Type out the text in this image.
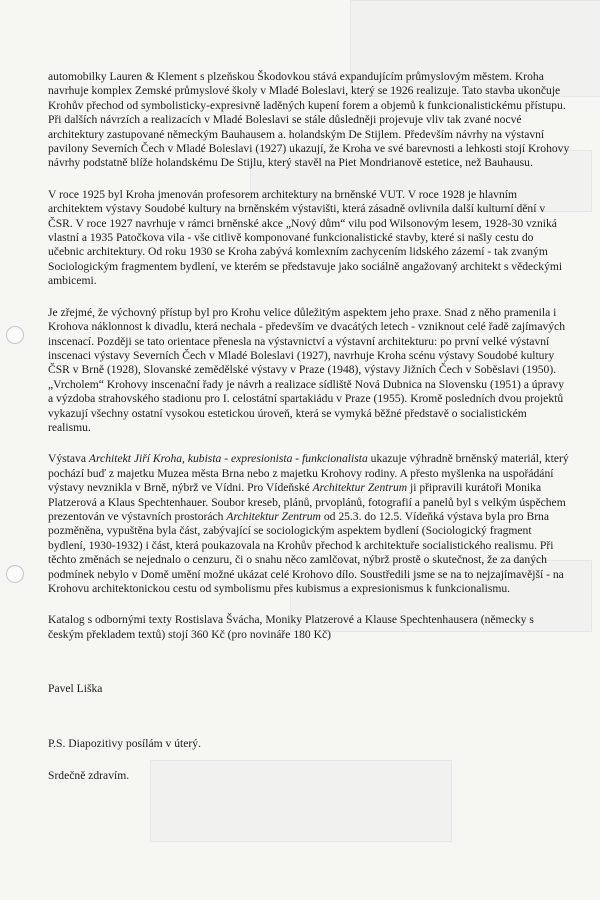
automobilky Lauren & Klement s plzeňskou Škodovkou stává expandujícím průmyslovým městem. Kroha navrhuje komplex Zemské průmyslové školy v Mladé Boleslavi, který se 1926 realizuje. Tato stavba ukončuje Krohův přechod od symbolisticky-expresivně laděných kupení forem a objemů k funkcionalistickému přístupu. Při dalších návrzích a realizacích v Mladé Boleslavi se stále důsledněji projevuje vliv tak zvané nocvé architektury zastupované německým Bauhausem a. holandským De Stijlem. Především návrhy na výstavní pavilony Severních Čech v Mladé Boleslavi (1927) ukazují, že Kroha ve své barevnosti a lehkosti stojí Krohovy návrhy podstatně blíže holandskému De Stijlu, který stavěl na Piet Mondrianově estetice, než Bauhausu.

V roce 1925 byl Kroha jmenován profesorem architektury na brněnské VUT. V roce 1928 je hlavním architektem výstavy Soudobé kultury na brněnském výstavišti, která zásadně ovlivnila další kulturní dění v ČSR. V roce 1927 navrhuje v rámci brněnské akce „Nový dům“ vilu pod Wilsonovým lesem, 1928-30 vzniká vlastní a 1935 Patočkova vila - vše citlivě komponované funkcionalistické stavby, které si našly cestu do učebnic architektury. Od roku 1930 se Kroha zabývá komlexním zachycením lidského zázemí - tak zvaným Sociologickým fragmentem bydlení, ve kterém se představuje jako sociálně angažovaný architekt s vědeckými ambicemi.

Je zřejmé, že výchovný přístup byl pro Krohu velice důležitým aspektem jeho praxe. Snad z něho pramenila i Krohova náklonnost k divadlu, která nechala - především ve dvacátých letech - vzniknout celé řadě zajímavých inscenací. Později se tato orientace přenesla na výstavnictví a výstavní architekturu: po první velké výstavní inscenaci výstavy Severních Čech v Mladé Boleslavi (1927), navrhuje Kroha scénu výstavy Soudobé kultury ČSR v Brně (1928), Slovanské zemědělské výstavy v Praze (1948), výstavy Jižních Čech v Soběslavi (1950). „Vrcholem“ Krohovy inscenační řady je návrh a realizace sídliště Nová Dubnica na Slovensku (1951) a úpravy a výzdoba strahovského stadionu pro I. celostátní spartakiádu v Praze (1955). Kromě posledních dvou projektů vykazují všechny ostatní vysokou estetickou úroveň, která se vymyká běžné představě o socialistickém realismu.

Výstava Architekt Jiří Kroha, kubista - expresionista - funkcionalista ukazuje výhradně brněnský materiál, který pochází buď z majetku Muzea města Brna nebo z majetku Krohovy rodiny. A přesto myšlenka na uspořádání výstavy nevznikla v Brně, nýbrž ve Vídni. Pro Vídeňské Architektur Zentrum ji připravili kurátoři Monika Platzerová a Klaus Spechtenhauer. Soubor kreseb, plánů, prvoplánů, fotografií a panelů byl s velkým úspěchem prezentován ve výstavních prostorách Architektur Zentrum od 25.3. do 12.5. Vídeňká výstava byla pro Brna pozměněna, vypuštěna byla část, zabývající se sociologickým aspektem bydlení (Sociologický fragment bydlení, 1930-1932) i část, která poukazovala na Krohův přechod k architektuře socialistického realismu. Při těchto změnách se nejednalo o cenzuru, či o snahu něco zamlčovat, nýbrž prostě o skutečnost, že za daných podmínek nebylo v Domě umění možné ukázat celé Krohovo dílo. Soustředili jsme se na to nejzajímavější - na Krohovu architektonickou cestu od symbolismu přes kubismus a expresionismus k funkcionalismu.

Katalog s odbornými texty Rostislava Švácha, Moniky Platzerové a Klause Spechtenhausera (německy s českým překladem textů) stojí 360 Kč (pro novináře 180 Kč)

Pavel Liška

P.S. Diapozitivy posílám v úterý.

Srdečně zdravím.
